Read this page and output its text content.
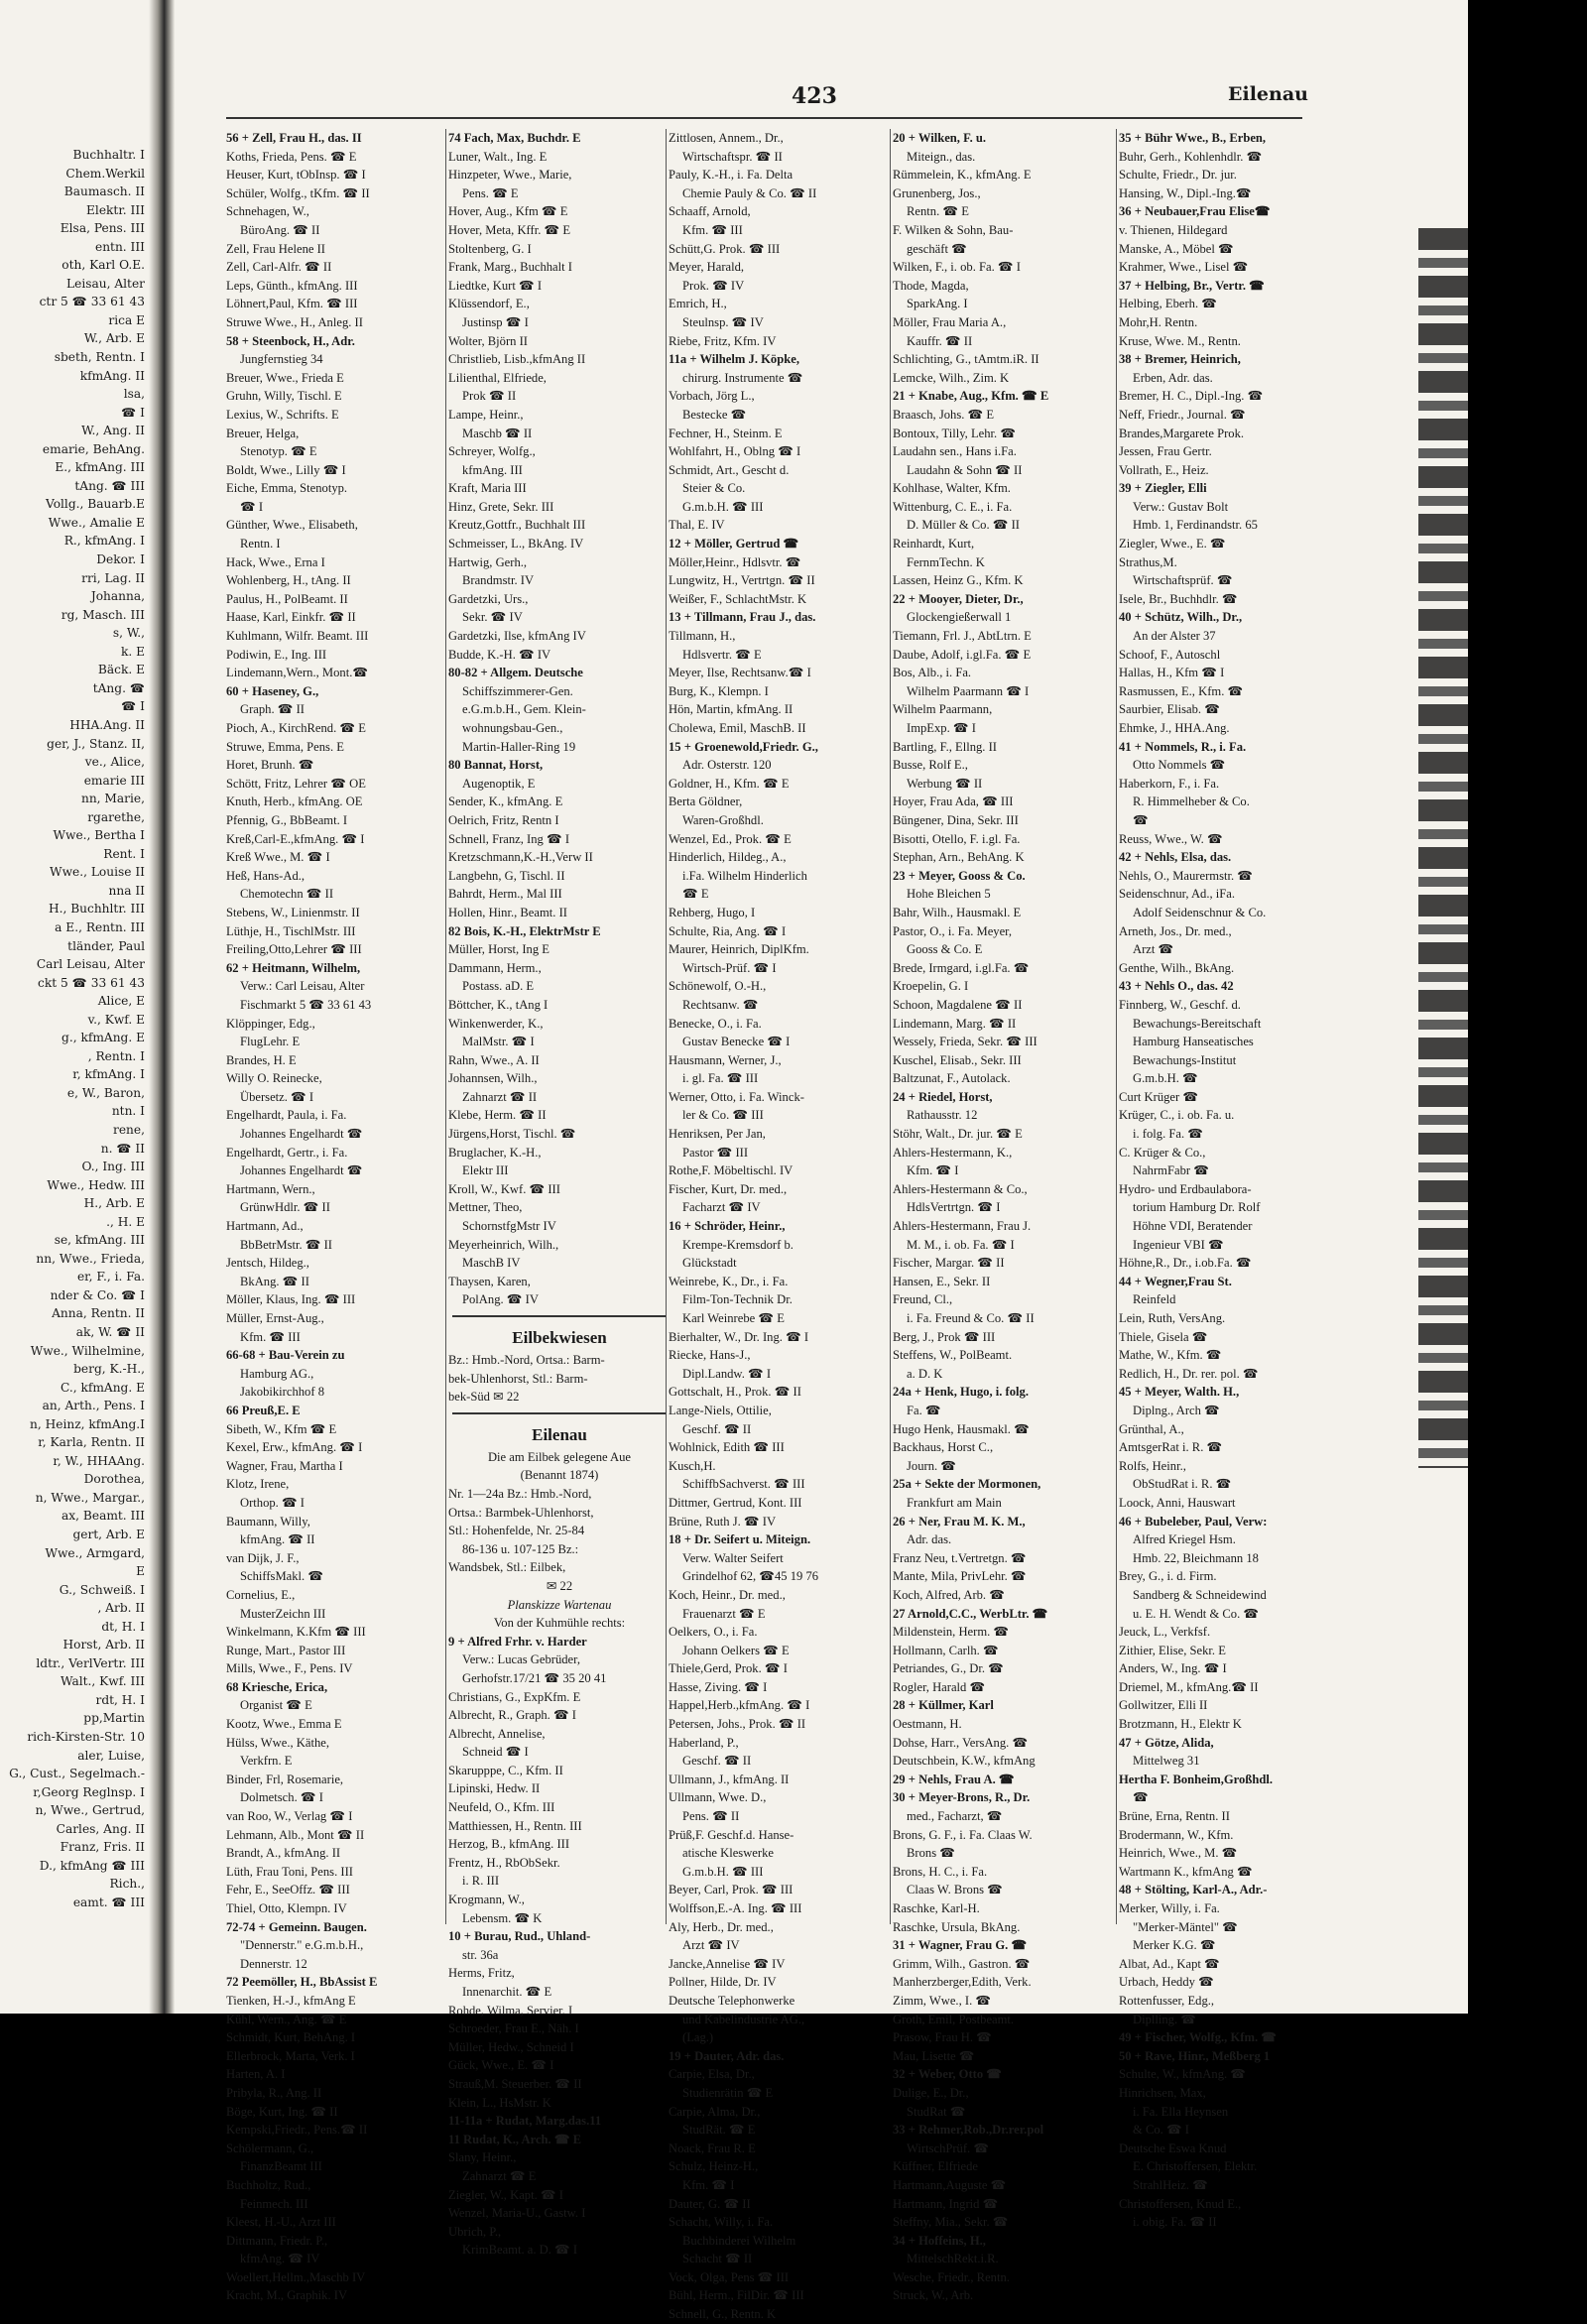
Buchhaltr. I
Chem.Werkil
Baumasch. II
Elektr. III
Elsa, Pens. III
entn. III
oth, Karl O.E.
Leisau, Alter
ctr 5 ☎ 33 61 43
rica E
W., Arb. E
sbeth, Rentn. I
kfmAng. II
lsa,
☎ I
W., Ang. II
emarie, BehAng.
E., kfmAng. III
tAng. ☎ III
Vollg., Bauarb.E
Wwe., Amalie E
R., kfmAng. I
Dekor. I
rri, Lag. II
Johanna,
rg, Masch. III
s, W.,
k. E
Bäck. E
tAng. ☎
☎ I
HHA.Ang. II
ger, J., Stanz. II,
ve., Alice,
emarie III
nn, Marie,
rgarethe,
Wwe., Bertha I
Rent. I
Wwe., Louise II
nna II
H., Buchhltr. III
a E., Rentn. III
tländer, Paul
Carl Leisau, Alter
ckt 5 ☎ 33 61 43
Alice, E
v., Kwf. E
g., kfmAng. E
, Rentn. I
r, kfmAng. I
e, W., Baron,
ntn. I
rene,
n. ☎ II
O., Ing. III
Wwe., Hedw. III
H., Arb. E
., H. E
se, kfmAng. III
nn, Wwe., Frieda,
er, F., i. Fa.
nder & Co. ☎ I
Anna, Rentn. II
ak, W. ☎ II
Wwe., Wilhelmine,
berg, K.-H.,
C., kfmAng. E
an, Arth., Pens. I
n, Heinz, kfmAng.I
r, Karla, Rentn. II
r, W., HHAAng.
Dorothea,
n, Wwe., Margar.,
ax, Beamt. III
gert, Arb. E
Wwe., Armgard,
E
G., Schweiß. I
, Arb. II
dt, H. I
Horst, Arb. II
ldtr., VerlVertr. III
Walt., Kwf. III
rdt, H. I
pp,Martin
rich-Kirsten-Str. 10
aler, Luise,
G., Cust., Segelmach.-
r,Georg Reglnsp. I
n, Wwe., Gertrud,
Carles, Ang. II
Franz, Fris. II
D., kfmAng ☎ III
Rich.,
eamt. ☎ III
423	Eilenau
56 + Zell, Frau H., das. II
Koths, Frieda, Pens. ☎ E
Heuser, Kurt, tObInsp. ☎ I
Schüler, Wolfg., tKfm. ☎ II
Schnehagen, W.,
BüroAng. ☎ II
Zell, Frau Helene II
Zell, Carl-Alfr. ☎ II
Leps, Günth., kfmAng. III
Löhnert,Paul, Kfm. ☎ III
Struwe Wwe., H., Anleg. II
58 + Steenbock, H., Adr.
Jungfernstieg 34
Breuer, Wwe., Frieda E
Gruhn, Willy, Tischl. E
Lexius, W., Schrifts. E
Breuer, Helga,
Stenotyp. ☎ E
Boldt, Wwe., Lilly ☎ I
Eiche, Emma, Stenotyp.
☎ I
Günther, Wwe., Elisabeth,
Rentn. I
Hack, Wwe., Erna I
Wohlenberg, H., tAng. II
Paulus, H., PolBeamt. II
Haase, Karl, Einkfr. ☎ II
Kuhlmann, Wilfr. Beamt. III
Podiwin, E., Ing. III
Lindemann,Wern., Mont.☎
60 + Haseney, G.,
Graph. ☎ II
Pioch, A., KirchRend. ☎ E
Struwe, Emma, Pens. E
Horet, Brunh. ☎
Schött, Fritz, Lehrer ☎ OE
Knuth, Herb., kfmAng. OE
Pfennig, G., BbBeamt. I
Kreß,Carl-E.,kfmAng. ☎ I
Kreß Wwe., M. ☎ I
Heß, Hans-Ad.,
Chemotechn ☎ II
Stebens, W., Linienmstr. II
Lüthje, H., TischlMstr. III
Freiling,Otto,Lehrer ☎ III
62 + Heitmann, Wilhelm,
Verw.: Carl Leisau, Alter
Fischmarkt 5 ☎ 33 61 43
Klöppinger, Edg.,
FlugLehr. E
Brandes, H. E
Willy O. Reinecke,
Übersetz. ☎ I
Engelhardt, Paula, i. Fa.
Johannes Engelhardt ☎
Engelhardt, Gertr., i. Fa.
Johannes Engelhardt ☎
Hartmann, Wern.,
GrünwHdlr. ☎ II
Hartmann, Ad.,
BbBetrMstr. ☎ II
Jentsch, Hildeg.,
BkAng. ☎ II
Möller, Klaus, Ing. ☎ III
Müller, Ernst-Aug.,
Kfm. ☎ III
66-68 + Bau-Verein zu
Hamburg AG.,
Jakobikirchhof 8
66 Preuß,E. E
Sibeth, W., Kfm ☎ E
Kexel, Erw., kfmAng. ☎ I
Wagner, Frau, Martha I
Klotz, Irene,
Orthop. ☎ I
Baumann, Willy,
kfmAng. ☎ II
van Dijk, J. F.,
SchiffsMakl. ☎
Cornelius, E.,
MusterZeichn III
Winkelmann, K.Kfm ☎ III
Runge, Mart., Pastor III
Mills, Wwe., F., Pens. IV
68 Kriesche, Erica,
Organist ☎ E
Kootz, Wwe., Emma E
Hülss, Wwe., Käthe,
Verkfrn. E
Binder, Frl, Rosemarie,
Dolmetsch. ☎ I
van Roo, W., Verlag ☎ I
Lehmann, Alb., Mont ☎ II
Brandt, A., kfmAng. II
Lüth, Frau Toni, Pens. III
Fehr, E., SeeOffz. ☎ III
Thiel, Otto, Klempn. IV
72-74 + Gemeinn. Baugen.
"Dennerstr." e.G.m.b.H.,
Dennerstr. 12
72 Peemöller, H., BbAssist E
Tienken, H.-J., kfmAng E
Kühl, Wern., Ang. ☎ E
Schmidt, Kurt, BehAng. I
Ellerbrock, Marta, Verk. I
Harten, A. I
Pribyla, R., Ang. II
Böge, Kurt, Ing. ☎ II
Kempski,Friedr., Pens.☎ II
Schölermann, G.,
FinanzBeamt III
Buchholtz, Rud.,
Feinmech. III
Kleest, H.-U., Arzt III
Dittmann, Friedr. P.,
kfmAng. ☎ IV
Woellert,Hellm.,Maschb IV
Kracht, M., Graphik. IV
74 Fach, Max, Buchdr. E
Luner, Walt., Ing. E
Hinzpeter, Wwe., Marie,
Pens. ☎ E
Hover, Aug., Kfm ☎ E
Hover, Meta, Kffr. ☎ E
Stoltenberg, G. I
Frank, Marg., Buchhalt I
Liedtke, Kurt ☎ I
Klüssendorf, E.,
Justinsp ☎ I
Wolter, Björn II
Christlieb, Lisb.,kfmAng II
Lilienthal, Elfriede,
Prok ☎ II
Lampe, Heinr.,
Maschb ☎ II
Schreyer, Wolfg.,
kfmAng. III
Kraft, Maria III
Hinz, Grete, Sekr. III
Kreutz,Gottfr., Buchhalt III
Schmeisser, L., BkAng. IV
Hartwig, Gerh.,
Brandmstr. IV
Gardetzki, Urs.,
Sekr. ☎ IV
Gardetzki, Ilse, kfmAng IV
Budde, K.-H. ☎ IV
80-82 + Allgem. Deutsche
Schiffszimmerer-Gen.
e.G.m.b.H., Gem. Klein-
wohnungsbau-Gen.,
Martin-Haller-Ring 19
80 Bannat, Horst,
Augenoptik, E
Sender, K., kfmAng. E
Oelrich, Fritz, Rentn I
Schnell, Franz, Ing ☎ I
Kretzschmann,K.-H.,Verw II
Langbehn, G, Tischl. II
Bahrdt, Herm., Mal III
Hollen, Hinr., Beamt. II
82 Bois, K.-H., ElektrMstr E
Müller, Horst, Ing E
Dammann, Herm.,
Postass. aD. E
Böttcher, K., tAng I
Winkenwerder, K.,
MalMstr. ☎ I
Rahn, Wwe., A. II
Johannsen, Wilh.,
Zahnarzt ☎ II
Klebe, Herm. ☎ II
Jürgens,Horst, Tischl. ☎
Bruglacher, K.-H.,
Elektr III
Kroll, W., Kwf. ☎ III
Mettner, Theo,
SchornstfgMstr IV
Meyerheinrich, Wilh.,
MaschB IV
Thaysen, Karen,
PolAng. ☎ IV
Eilbekwiesen
Bz.: Hmb.-Nord, Ortsa.: Barm-
bek-Uhlenhorst, Stl.: Barm-
bek-Süd ✉ 22
Eilenau
Die am Eilbek gelegene Aue
(Benannt 1874)
Nr. 1—24a Bz.: Hmb.-Nord,
Ortsa.: Barmbek-Uhlenhorst,
Stl.: Hohenfelde, Nr. 25-84
86-136 u. 107-125 Bz.:
Wandsbek, Stl.: Eilbek,
✉ 22
Planskizze Wartenau
Von der Kuhmühle rechts:
9 + Alfred Frhr. v. Harder
Verw.: Lucas Gebrüder,
Gerhofstr.17/21 ☎ 35 20 41
Christians, G., ExpKfm. E
Albrecht, R., Graph. ☎ I
Albrecht, Annelise,
Schneid ☎ I
Skarupppe, C., Kfm. II
Lipinski, Hedw. II
Neufeld, O., Kfm. III
Matthiessen, H., Rentn. III
Herzog, B., kfmAng. III
Frentz, H., RbObSekr.
i. R. III
Krogmann, W.,
Lebensm. ☎ K
10 + Burau, Rud., Uhland-
str. 36a
Herms, Fritz,
Innenarchit. ☎ E
Rohde, Wilma, Servier. I
Schroeder, Frau E., Näh. I
Müller, Hedw., Schneid I
Gück, Wwe., E. ☎ I
Strauß,M. Steuerber. ☎ II
Klein, L., HsMstr. K
11-11a + Rudat, Marg.das.11
11 Rudat, K., Arch. ☎ E
Slany, Heinr.,
Zahnarzt ☎ E
Ziegler, W., Kapt. ☎ I
Wenzel, Maria-U., Gastw. I
Ubrich, P.,
KrimBeamt. a. D. ☎ I
Zittlosen, Annem., Dr.,
Wirtschaftspr. ☎ II
Pauly, K.-H., i. Fa. Delta
Chemie Pauly & Co. ☎ II
Schaaff, Arnold,
Kfm. ☎ III
Schütt,G. Prok. ☎ III
Meyer, Harald,
Prok. ☎ IV
Emrich, H.,
Steulnsp. ☎ IV
Riebe, Fritz, Kfm. IV
11a + Wilhelm J. Köpke,
chirurg. Instrumente ☎
Vorbach, Jörg L.,
Bestecke ☎
Fechner, H., Steinm. E
Wohlfahrt, H., Oblng ☎ I
Schmidt, Art., Gescht d.
Steier & Co.
G.m.b.H. ☎ III
Thal, E. IV
12 + Möller, Gertrud ☎
Möller,Heinr., Hdlsvtr. ☎
Lungwitz, H., Vertrtgn. ☎ II
Weißer, F., SchlachtMstr. K
13 + Tillmann, Frau J., das.
Tillmann, H.,
Hdlsvertr. ☎ E
Meyer, Ilse, Rechtsanw.☎ I
Burg, K., Klempn. I
Hön, Martin, kfmAng. II
Cholewa, Emil, MaschB. II
15 + Groenewold,Friedr. G.,
Adr. Osterstr. 120
Goldner, H., Kfm. ☎ E
Berta Göldner,
Waren-Großhdl.
Wenzel, Ed., Prok. ☎ E
Hinderlich, Hildeg., A.,
i.Fa. Wilhelm Hinderlich
☎ E
Rehberg, Hugo, I
Schulte, Ria, Ang. ☎ I
Maurer, Heinrich, DiplKfm.
Wirtsch-Prüf. ☎ I
Schönewolf, O.-H.,
Rechtsanw. ☎
Benecke, O., i. Fa.
Gustav Benecke ☎ I
Hausmann, Werner, J.,
i. gl. Fa. ☎ III
Werner, Otto, i. Fa. Winck-
ler & Co. ☎ III
Henriksen, Per Jan,
Pastor ☎ III
Rothe,F. Möbeltischl. IV
Fischer, Kurt, Dr. med.,
Facharzt ☎ IV
16 + Schröder, Heinr.,
Krempe-Kremsdorf b.
Glückstadt
Weinrebe, K., Dr., i. Fa.
Film-Ton-Technik Dr.
Karl Weinrebe ☎ E
Bierhalter, W., Dr. Ing. ☎ I
Riecke, Hans-J.,
Dipl.Landw. ☎ I
Gottschalt, H., Prok. ☎ II
Lange-Niels, Ottilie,
Geschf. ☎ II
Wohlnick, Edith ☎ III
Kusch,H.
SchiffbSachverst. ☎ III
Dittmer, Gertrud, Kont. III
Brüne, Ruth J. ☎ IV
18 + Dr. Seifert u. Miteign.
Verw. Walter Seifert
Grindelhof 62, ☎45 19 76
Koch, Heinr., Dr. med.,
Frauenarzt ☎ E
Oelkers, O., i. Fa.
Johann Oelkers ☎ E
Thiele,Gerd, Prok. ☎ I
Hasse, Ziving. ☎ I
Happel,Herb.,kfmAng. ☎ I
Petersen, Johs., Prok. ☎ II
Haberland, P.,
Geschf. ☎ II
Ullmann, J., kfmAng. II
Ullmann, Wwe. D.,
Pens. ☎ II
Prüß,F. Geschf.d. Hanse-
atische Kleswerke
G.m.b.H. ☎ III
Beyer, Carl, Prok. ☎ III
Wolffson,E.-A. Ing. ☎ III
Aly, Herb., Dr. med.,
Arzt ☎ IV
Jancke,Annelise ☎ IV
Pollner, Hilde, Dr. IV
Deutsche Telephonwerke
und Kabelindustrie AG.,
(Lag.)
19 + Dauter, Adr. das.
Carpie, Elsa, Dr.,
Studienrätin ☎ E
Carpie, Alma, Dr.,
StudRät. ☎ E
Noack, Frau R. E
Schulz, Heinz-H.,
Kfm. ☎ I
Dauter, G. ☎ II
Schacht, Willy, i. Fa.
Buchbinderei Wilhelm
Schacht ☎ II
Vock, Olga, Pens ☎ III
Bühl, Herm., FilDir. ☎ III
Schnell, G., Rentn. K
20 + Wilken, F. u.
Miteign., das.
Rümmelein, K., kfmAng. E
Grunenberg, Jos.,
Rentn. ☎ E
F. Wilken & Sohn, Bau-
geschäft ☎
Wilken, F., i. ob. Fa. ☎ I
Thode, Magda,
SparkAng. I
Möller, Frau Maria A.,
Kauffr. ☎ II
Schlichting, G., tAmtm.iR. II
Lemcke, Wilh., Zim. K
21 + Knabe, Aug., Kfm. ☎ E
Braasch, Johs. ☎ E
Bontoux, Tilly, Lehr. ☎
Laudahn sen., Hans i.Fa.
Laudahn & Sohn ☎ II
Kohlhase, Walter, Kfm.
Wittenburg, C. E., i. Fa.
D. Müller & Co. ☎ II
Reinhardt, Kurt,
FernmTechn. K
Lassen, Heinz G., Kfm. K
22 + Mooyer, Dieter, Dr.,
Glockengießerwall 1
Tiemann, Frl. J., AbtLtrn. E
Daube, Adolf, i.gl.Fa. ☎ E
Bos, Alb., i. Fa.
Wilhelm Paarmann ☎ I
Wilhelm Paarmann,
ImpExp. ☎ I
Bartling, F., Ellng. II
Busse, Rolf E.,
Werbung ☎ II
Hoyer, Frau Ada, ☎ III
Büngener, Dina, Sekr. III
Bisotti, Otello, F. i.gl. Fa.
Stephan, Arn., BehAng. K
23 + Meyer, Gooss & Co.
Hohe Bleichen 5
Bahr, Wilh., Hausmakl. E
Pastor, O., i. Fa. Meyer,
Gooss & Co. E
Brede, Irmgard, i.gl.Fa. ☎
Kroepelin, G. I
Schoon, Magdalene ☎ II
Lindemann, Marg. ☎ II
Wessely, Frieda, Sekr. ☎ III
Kuschel, Elisab., Sekr. III
Baltzunat, F., Autolack.
24 + Riedel, Horst,
Rathausstr. 12
Stöhr, Walt., Dr. jur. ☎ E
Ahlers-Hestermann, K.,
Kfm. ☎ I
Ahlers-Hestermann & Co.,
HdlsVertrtgn. ☎ I
Ahlers-Hestermann, Frau J.
M. M., i. ob. Fa. ☎ I
Fischer, Margar. ☎ II
Hansen, E., Sekr. II
Freund, Cl.,
i. Fa. Freund & Co. ☎ II
Berg, J., Prok ☎ III
Steffens, W., PolBeamt.
a. D. K
24a + Henk, Hugo, i. folg.
Fa. ☎
Hugo Henk, Hausmakl. ☎
Backhaus, Horst C.,
Journ. ☎
25a + Sekte der Mormonen,
Frankfurt am Main
26 + Ner, Frau M. K. M.,
Adr. das.
Franz Neu, t.Vertretgn. ☎
Mante, Mila, PrivLehr. ☎
Koch, Alfred, Arb. ☎
27 Arnold,C.C., WerbLtr. ☎
Mildenstein, Herm. ☎
Hollmann, Carlh. ☎
Petriandes, G., Dr. ☎
Rogler, Harald ☎
28 + Küllmer, Karl
Oestmann, H.
Dohse, Harr., VersAng. ☎
Deutschbein, K.W., kfmAng
29 + Nehls, Frau A. ☎
30 + Meyer-Brons, R., Dr.
med., Facharzt, ☎
Brons, G. F., i. Fa. Claas W.
Brons ☎
Brons, H. C., i. Fa.
Claas W. Brons ☎
Raschke, Karl-H.
Raschke, Ursula, BkAng.
31 + Wagner, Frau G. ☎
Grimm, Wilh., Gastron. ☎
Manherzberger,Edith, Verk.
Zimm, Wwe., I. ☎
Groth, Emil, Postbeamt.
Prasow, Frau H. ☎
Mau, Lisette ☎
32 + Weber, Otto ☎
Dulige, E., Dr.,
StudRat ☎
33 + Rehmer,Rob.,Dr.rer.pol
WirtschPrüf. ☎
Küffner, Elfriede
Hartmann,Auguste ☎
Hartmann, Ingrid ☎
Steffny, Mia., Sekr. ☎
34 + Hoffeins, H.,
MittelschRekt.i.R.
Wesche, Friedr., Rentn.
Struck, W., Arb.
35 + Bühr Wwe., B., Erben,
Buhr, Gerh., Kohlenhdlr. ☎
Schulte, Friedr., Dr. jur.
Hansing, W., Dipl.-Ing.☎
36 + Neubauer,Frau Elise☎
v. Thienen, Hildegard
Manske, A., Möbel ☎
Krahmer, Wwe., Lisel ☎
37 + Helbing, Br., Vertr. ☎
Helbing, Eberh. ☎
Mohr,H. Rentn.
Kruse, Wwe. M., Rentn.
38 + Bremer, Heinrich,
Erben, Adr. das.
Bremer, H. C., Dipl.-Ing. ☎
Neff, Friedr., Journal. ☎
Brandes,Margarete Prok.
Jessen, Frau Gertr.
Vollrath, E., Heiz.
39 + Ziegler, Elli
Verw.: Gustav Bolt
Hmb. 1, Ferdinandstr. 65
Ziegler, Wwe., E. ☎
Strathus,M.
Wirtschaftsprüf. ☎
Isele, Br., Buchhdlr. ☎
40 + Schütz, Wilh., Dr.,
An der Alster 37
Schoof, F., Autoschl
Hallas, H., Kfm ☎ I
Rasmussen, E., Kfm. ☎
Saurbier, Elisab. ☎
Ehmke, J., HHA.Ang.
41 + Nommels, R., i. Fa.
Otto Nommels ☎
Haberkorn, F., i. Fa.
R. Himmelheber & Co.
☎
Reuss, Wwe., W. ☎
42 + Nehls, Elsa, das.
Nehls, O., Maurermstr. ☎
Seidenschnur, Ad., iFa.
Adolf Seidenschnur & Co.
Arneth, Jos., Dr. med.,
Arzt ☎
Genthe, Wilh., BkAng.
43 + Nehls O., das. 42
Finnberg, W., Geschf. d.
Bewachungs-Bereitschaft
Hamburg Hanseatisches
Bewachungs-Institut
G.m.b.H. ☎
Curt Krüger ☎
Krüger, C., i. ob. Fa. u.
i. folg. Fa. ☎
C. Krüger & Co.,
NahrmFabr ☎
Hydro- und Erdbaulabora-
torium Hamburg Dr. Rolf
Höhne VDI, Beratender
Ingenieur VBI ☎
Höhne,R., Dr., i.ob.Fa. ☎
44 + Wegner,Frau St.
Reinfeld
Lein, Ruth, VersAng.
Thiele, Gisela ☎
Mathe, W., Kfm. ☎
Redlich, H., Dr. rer. pol. ☎
45 + Meyer, Walth. H.,
Diplng., Arch ☎
Grünthal, A.,
AmtsgerRat i. R. ☎
Rolfs, Heinr.,
ObStudRat i. R. ☎
Loock, Anni, Hauswart
46 + Bubeleber, Paul, Verw:
Alfred Kriegel Hsm.
Hmb. 22, Bleichmann 18
Brey, G., i. d. Firm.
Sandberg & Schneidewind
u. E. H. Wendt & Co. ☎
Jeuck, L., Verkfsf.
Zithier, Elise, Sekr. E
Anders, W., Ing. ☎ I
Driemel, M., kfmAng.☎ II
Gollwitzer, Elli II
Brotzmann, H., Elektr K
47 + Götze, Alida,
Mittelweg 31
Hertha F. Bonheim,Großhdl.
☎
Brüne, Erna, Rentn. II
Brodermann, W., Kfm.
Heinrich, Wwe., M. ☎
Wartmann K., kfmAng ☎
48 + Stölting, Karl-A., Adr.-
Merker, Willy, i. Fa.
"Merker-Mäntel" ☎
Merker K.G. ☎
Albat, Ad., Kapt ☎
Urbach, Heddy ☎
Rottenfusser, Edg.,
Diplling. ☎
49 + Fischer, Wolfg., Kfm. ☎
50 + Rave, Hinr., Meßberg 1
Schulte, W., kfmAng. ☎
Hinrichsen, Max,
i. Fa. Ella Heynsen
& Co. ☎ I
Deutsche Eswa Knud
E. Christoffersen, Elektr.
StrahlHeiz. ☎
Christoffersen, Knud E.,
i. obig. Fa. ☎ II
